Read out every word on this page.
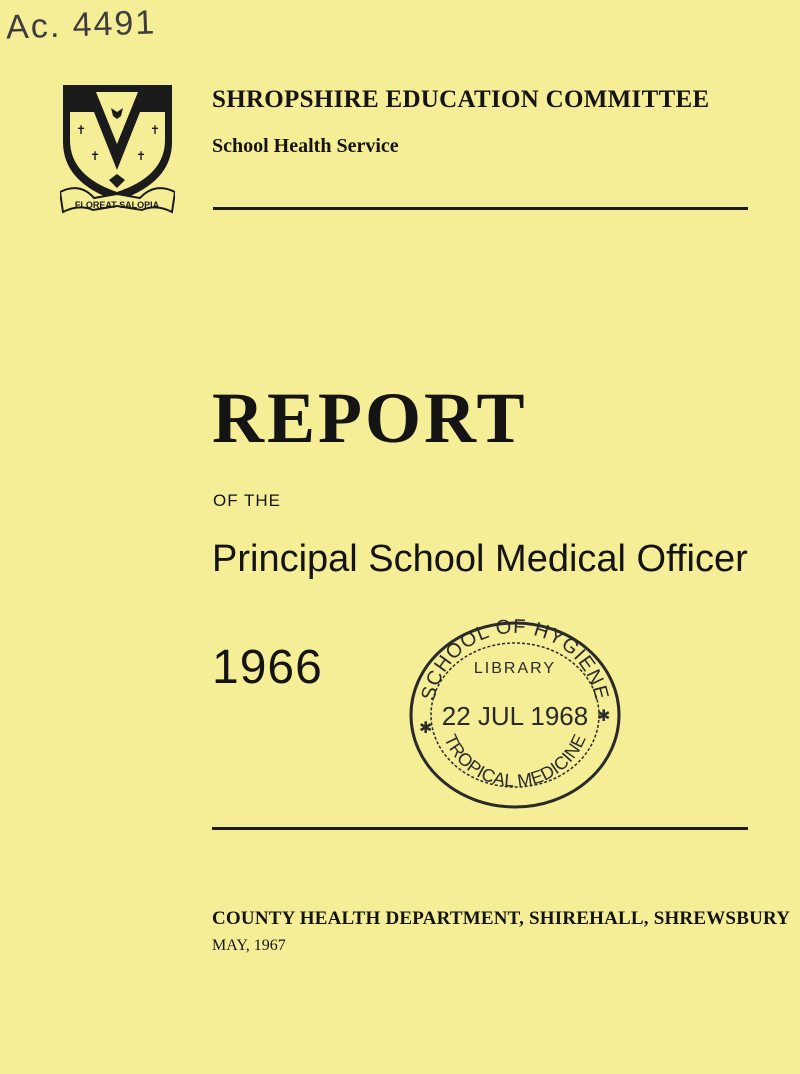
Ac. 4491
✝	✝
✝	✝
FLOREAT SALOPIA
SHROPSHIRE EDUCATION COMMITTEE
School Health Service
REPORT
OF THE
Principal School Medical Officer
1966	SCHOOL OF HYGIENE
LIBRARY
22 JUL 1968
✱
✱
TROPICAL MEDICINE
COUNTY HEALTH DEPARTMENT, SHIREHALL, SHREWSBURY
MAY, 1967
